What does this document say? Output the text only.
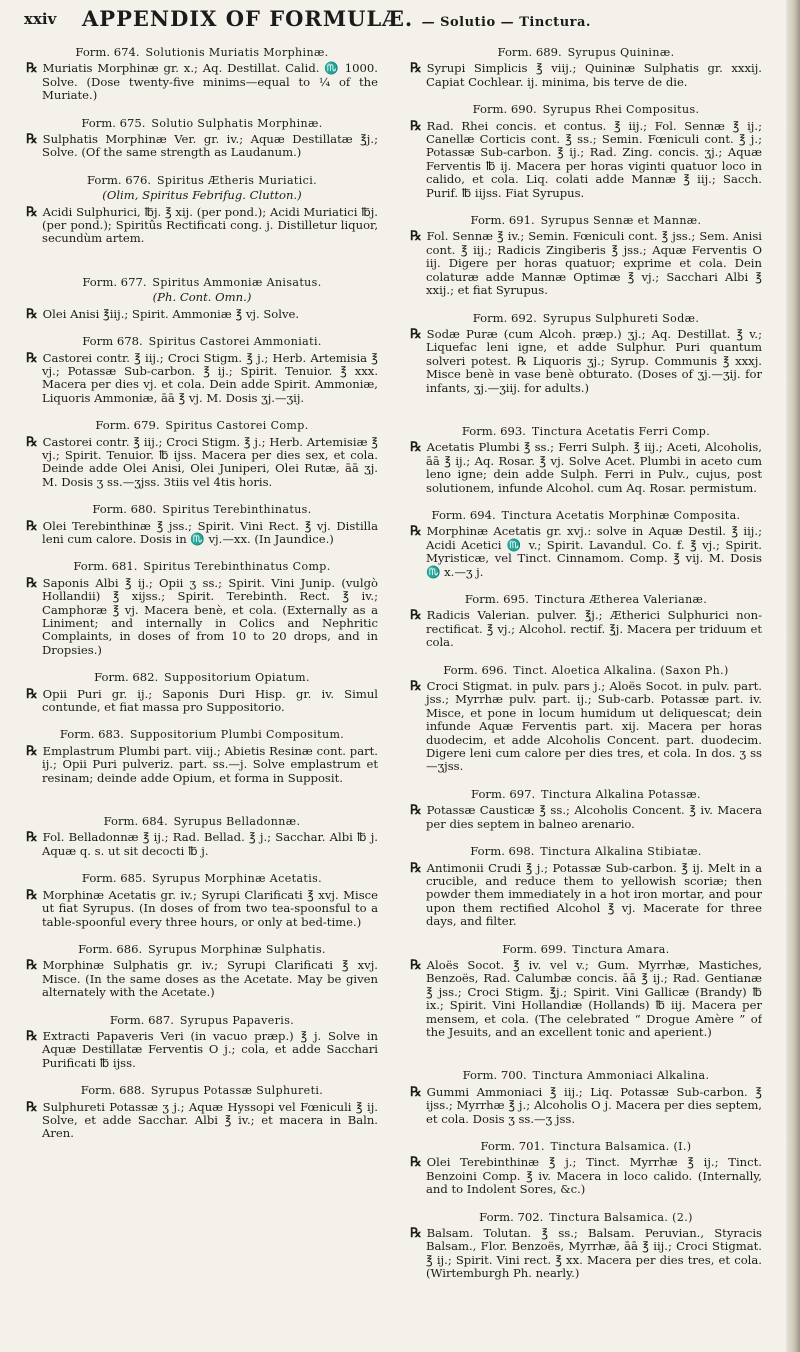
xxiv APPENDIX OF FORMULÆ. — Solutio — Tinctura.
Form. 674.  Solutionis Muriatis Morphinæ.

℞ Muriatis Morphinæ gr. x.; Aq. Destillat. Calid. ♏ 1000. Solve. (Dose twenty-five minims—equal to ¼ of the Muriate.)

Form. 675.  Solutio Sulphatis Morphinæ.

℞ Sulphatis Morphinæ Ver. gr. iv.; Aquæ Destillatæ ℥j.; Solve. (Of the same strength as Laudanum.)

Form. 676.  Spiritus Ætheris Muriatici.
(Olim, Spiritus Febrifug. Clutton.)

℞ Acidi Sulphurici, ℔j. ℥ xij. (per pond.); Acidi Muriatici ℔j. (per pond.); Spiritûs Rectificati cong. j. Distilletur liquor, secundùm artem.

Form. 677.  Spiritus Ammoniæ Anisatus.
(Ph. Cont. Omn.)

℞ Olei Anisi ℥iij.; Spirit. Ammoniæ ℥ vj. Solve.

Form 678.  Spiritus Castorei Ammoniati.

℞ Castorei contr. ℥ iij.; Croci Stigm. ℥ j.; Herb. Artemisia ℥ vj.; Potassæ Sub-carbon. ℥ ij.; Spirit. Tenuior. ℥ xxx. Macera per dies vj. et cola. Dein adde Spirit. Ammoniæ, Liquoris Ammoniæ, āā ℥ vj. M. Dosis ʒj.—ʒij.

Form. 679.  Spiritus Castorei Comp.

℞ Castorei contr. ℥ iij.; Croci Stigm. ℥ j.; Herb. Artemisiæ ℥ vj.; Spirit. Tenuior. ℔ ijss. Macera per dies sex, et cola. Deinde adde Olei Anisi, Olei Juniperi, Olei Rutæ, āā ʒj. M. Dosis ʒ ss.—ʒjss. 3tiis vel 4tis horis.

Form. 680.  Spiritus Terebinthinatus.

℞ Olei Terebinthinæ ℥ jss.; Spirit. Vini Rect. ℥ vj. Distilla leni cum calore. Dosis in ♏ vj.—xx. (In Jaundice.)

Form. 681.  Spiritus Terebinthinatus Comp.

℞ Saponis Albi ℥ ij.; Opii ʒ ss.; Spirit. Vini Junip. (vulgò Hollandii) ℥ xijss.; Spirit. Terebinth. Rect. ℥ iv.; Camphoræ ℥ vj. Macera benè, et cola. (Externally as a Liniment; and internally in Colics and Nephritic Complaints, in doses of from 10 to 20 drops, and in Dropsies.)

Form. 682.  Suppositorium Opiatum.

℞ Opii Puri gr. ij.; Saponis Duri Hisp. gr. iv. Simul contunde, et fiat massa pro Suppositorio.

Form. 683.  Suppositorium Plumbi Compositum.

℞ Emplastrum Plumbi part. viij.; Abietis Resinæ cont. part. ij.; Opii Puri pulveriz. part. ss.—j. Solve emplastrum et resinam; deinde adde Opium, et forma in Supposit.

Form. 684.  Syrupus Belladonnæ.

℞ Fol. Belladonnæ ℥ ij.; Rad. Bellad. ℥ j.; Sacchar. Albi ℔ j. Aquæ q. s. ut sit decocti ℔ j.

Form. 685.  Syrupus Morphinæ Acetatis.

℞ Morphinæ Acetatis gr. iv.; Syrupi Clarificati ℥ xvj. Misce ut fiat Syrupus. (In doses of from two tea-spoonsful to a table-spoonful every three hours, or only at bed-time.)

Form. 686.  Syrupus Morphinæ Sulphatis.

℞ Morphinæ Sulphatis gr. iv.; Syrupi Clarificati ℥ xvj. Misce. (In the same doses as the Acetate. May be given alternately with the Acetate.)

Form. 687.  Syrupus Papaveris.

℞ Extracti Papaveris Veri (in vacuo præp.) ℥ j. Solve in Aquæ Destillatæ Ferventis O j.; cola, et adde Sacchari Purificati ℔ ijss.

Form. 688.  Syrupus Potassæ Sulphureti.

℞ Sulphureti Potassæ ʒ j.; Aquæ Hyssopi vel Fœniculi ℥ ij. Solve, et adde Sacchar. Albi ℥ iv.; et macera in Baln. Aren.

Form. 689.  Syrupus Quininæ.

℞ Syrupi Simplicis ℥ viij.; Quininæ Sulphatis gr. xxxij. Capiat Cochlear. ij. minima, bis terve de die.

Form. 690.  Syrupus Rhei Compositus.

℞ Rad. Rhei concis. et contus. ℥ iij.; Fol. Sennæ ℥ ij.; Canellæ Corticis cont. ℥ ss.; Semin. Fœniculi cont. ℥ j.; Potassæ Sub-carbon. ℥ ij.; Rad. Zing. concis. ʒj.; Aquæ Ferventis ℔ ij. Macera per horas viginti quatuor loco in calido, et cola. Liq. colati adde Mannæ ℥ iij.; Sacch. Purif. ℔ iijss. Fiat Syrupus.

Form. 691.  Syrupus Sennæ et Mannæ.

℞ Fol. Sennæ ℥ iv.; Semin. Fœniculi cont. ℥ jss.; Sem. Anisi cont. ℥ iij.; Radicis Zingiberis ℥ jss.; Aquæ Ferventis O iij. Digere per horas quatuor; exprime et cola. Dein colaturæ adde Mannæ Optimæ ℥ vj.; Sacchari Albi ℥ xxij.; et fiat Syrupus.

Form. 692.  Syrupus Sulphureti Sodæ.

℞ Sodæ Puræ (cum Alcoh. præp.) ʒj.; Aq. Destillat. ℥ v.; Liquefac leni igne, et adde Sulphur. Puri quantum solveri potest. ℞ Liquoris ʒj.; Syrup. Communis ℥ xxxj. Misce benè in vase benè obturato. (Doses of ʒj.—ʒij. for infants, ʒj.—ʒiij. for adults.)

Form. 693.  Tinctura Acetatis Ferri Comp.

℞ Acetatis Plumbi ℥ ss.; Ferri Sulph. ℥ iij.; Aceti, Alcoholis, āā ℥ ij.; Aq. Rosar. ℥ vj. Solve Acet. Plumbi in aceto cum leno igne; dein adde Sulph. Ferri in Pulv., cujus, post solutionem, infunde Alcohol. cum Aq. Rosar. permistum.

Form. 694.  Tinctura Acetatis Morphinæ Composita.

℞ Morphinæ Acetatis gr. xvj.: solve in Aquæ Destil. ℥ iij.; Acidi Acetici ♏ v.; Spirit. Lavandul. Co. f. ℥ vj.; Spirit. Myristicæ, vel Tinct. Cinnamom. Comp. ℥ vij. M. Dosis ♏ x.—ʒ j.

Form. 695.  Tinctura Ætherea Valerianæ.

℞ Radicis Valerian. pulver. ℥j.; Ætherici Sulphurici non-rectificat. ℥ vj.; Alcohol. rectif. ℥j. Macera per triduum et cola.

Form. 696.  Tinct. Aloetica Alkalina. (Saxon Ph.)

℞ Croci Stigmat. in pulv. pars j.; Aloës Socot. in pulv. part. jss.; Myrrhæ pulv. part. ij.; Sub-carb. Potassæ part. iv. Misce, et pone in locum humidum ut deliquescat; dein infunde Aquæ Ferventis part. xij. Macera per horas duodecim, et adde Alcoholis Concent. part. duodecim. Digere leni cum calore per dies tres, et cola. In dos. ʒ ss—ʒjss.

Form. 697.  Tinctura Alkalina Potassæ.

℞ Potassæ Causticæ ℥ ss.; Alcoholis Concent. ℥ iv. Macera per dies septem in balneo arenario.

Form. 698.  Tinctura Alkalina Stibiatæ.

℞ Antimonii Crudi ℥ j.; Potassæ Sub-carbon. ℥ ij. Melt in a crucible, and reduce them to yellowish scoriæ; then powder them immediately in a hot iron mortar, and pour upon them rectified Alcohol ℥ vj. Macerate for three days, and filter.

Form. 699.  Tinctura Amara.

℞ Aloës Socot. ℥ iv. vel v.; Gum. Myrrhæ, Mastiches, Benzoës, Rad. Calumbæ concis. āā ℥ ij.; Rad. Gentianæ ℥ jss.; Croci Stigm. ℥j.; Spirit. Vini Gallicæ (Brandy) ℔ ix.; Spirit. Vini Hollandiæ (Hollands) ℔ iij. Macera per mensem, et cola. (The celebrated “ Drogue Amère ” of the Jesuits, and an excellent tonic and aperient.)

Form. 700.  Tinctura Ammoniaci Alkalina.

℞ Gummi Ammoniaci ℥ iij.; Liq. Potassæ Sub-carbon. ℥ ijss.; Myrrhæ ℥ j.; Alcoholis O j. Macera per dies septem, et cola. Dosis ʒ ss.—ʒ jss.

Form. 701.  Tinctura Balsamica. (I.)

℞ Olei Terebinthinæ ℥ j.; Tinct. Myrrhæ ℥ ij.; Tinct. Benzoini Comp. ℥ iv. Macera in loco calido. (Internally, and to Indolent Sores, &c.)

Form. 702.  Tinctura Balsamica. (2.)

℞ Balsam. Tolutan. ℥ ss.; Balsam. Peruvian., Styracis Balsam., Flor. Benzoës, Myrrhæ, āā ℥ iij.; Croci Stigmat. ℥ ij.; Spirit. Vini rect. ℥ xx. Macera per dies tres, et cola. (Wirtemburgh Ph. nearly.)
